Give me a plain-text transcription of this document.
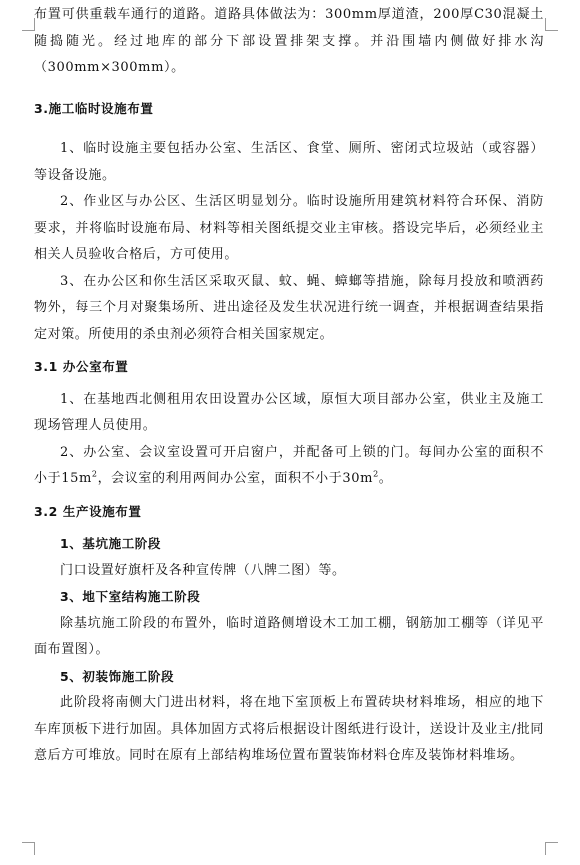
布置可供重载车通行的道路。道路具体做法为：300mm厚道渣，200厚C30混凝土随捣随光。经过地库的部分下部设置排架支撑。并沿围墙内侧做好排水沟（300mm×300mm）。

3.施工临时设施布置

1、临时设施主要包括办公室、生活区、食堂、厕所、密闭式垃圾站（或容器）等设备设施。

2、作业区与办公区、生活区明显划分。临时设施所用建筑材料符合环保、消防要求，并将临时设施布局、材料等相关图纸提交业主审核。搭设完毕后，必须经业主相关人员验收合格后，方可使用。

3、在办公区和你生活区采取灭鼠、蚊、蝇、蟑螂等措施，除每月投放和喷洒药物外，每三个月对聚集场所、进出途径及发生状况进行统一调查，并根据调查结果指定对策。所使用的杀虫剂必须符合相关国家规定。

3.1 办公室布置

1、在基地西北侧租用农田设置办公区域，原恒大项目部办公室，供业主及施工现场管理人员使用。

2、办公室、会议室设置可开启窗户，并配备可上锁的门。每间办公室的面积不小于$15m^2$，会议室的利用两间办公室，面积不小于$30m^2$。

3.2 生产设施布置

1、基坑施工阶段

门口设置好旗杆及各种宣传牌（八牌二图）等。

3、地下室结构施工阶段

除基坑施工阶段的布置外，临时道路侧增设木工加工棚，钢筋加工棚等（详见平面布置图）。

5、初装饰施工阶段

此阶段将南侧大门进出材料，将在地下室顶板上布置砖块材料堆场，相应的地下车库顶板下进行加固。具体加固方式将后根据设计图纸进行设计，送设计及业主/批同意后方可堆放。同时在原有上部结构堆场位置布置装饰材料仓库及装饰材料堆场。
